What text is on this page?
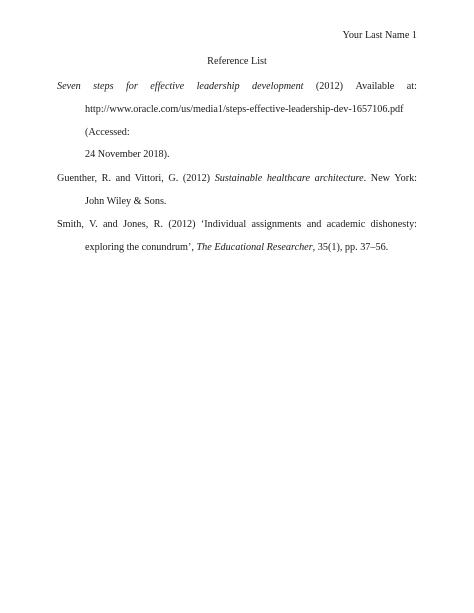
Your Last Name 1
Reference List
Seven steps for effective leadership development (2012) Available at:
http://www.oracle.com/us/media1/steps-effective-leadership-dev-1657106.pdf (Accessed:
24 November 2018).
Guenther, R. and Vittori, G. (2012) Sustainable healthcare architecture. New York: John Wiley & Sons.
Smith, V. and Jones, R. (2012) ‘Individual assignments and academic dishonesty: exploring the conundrum’, The Educational Researcher, 35(1), pp. 37–56.
